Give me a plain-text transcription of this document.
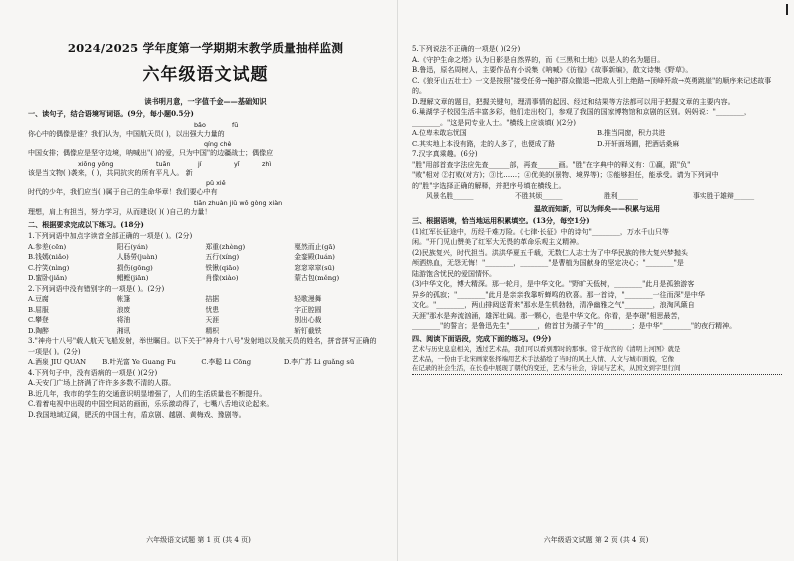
2024/2025 学年度第一学期期末教学质量抽样监测

六年级语文试题

读书明月意，一字值千金——基础知识

一、读句子，结合语境写词语。(9分，每小题0.5分)

bǎo	fū

你心中的偶像是谁？我们认为，中国航天员( )，以出强大力量的

qíng chè

中国女排；偶像应是坚守边境，呐喊出"( )的爱，只为中国"的边疆战士；偶像应

xiōng yǒng	tuān	jí	yǐ	zhì

该是当文物( )袭来，( )，共同抗灾的所有平凡人。 新

pǔ xiě

时代的少年，我们应当( )属于自己的生命华章！我们要心中有

tiān zhuàn jiǔ wǒ gòng xiàn

理想，肩上有担当，努力学习，从而建设( )( )自己的力量！

二、根据要求完成以下练习。(18分)

1.下列词语中加点字读音全部正确的一项是( )。(2分)

A.参差(cēn)	阳石(yán)	郑重(zhèng)	戛然而止(gā)
B.钱嫣(niǎo)	人肠勞(juàn)	五行(xíng)	金銮殿(luán)
C.拧笑(nìng)	损伤(gōng)	铁锹(qiāo)	窓窓窣窣(sū)
D.蜜卧(jiǎn)	鲳鲣(jiān)	肖像(xiào)	蒙古包(měng)

2.下列词语中没有错别字的一项是( )。(2分)

A.豆腐	帐篷	拮据	轻歌漫舞
B.屈服	浪废	忧患	字正腔圆
C.攀登	将油	天涯	别出心裁
D.陶醉	湘讯	精枳	斩钉截铁

3."神舟十八号"载人航天飞船发射，举世瞩目。以下关于"神舟十八号"发射地以及航天员的姓名，拼音拼写正确的一项是( )。(2分)

A.酒泉 JIU QUAN	B.叶光富 Ye Guang Fu	C.李聪 Li Cōng	D.李广苏 Li guǎng sū

4.下列句子中，没有语病的一项是( )(2分)

A.天安门广场上挤满了许许多多数不清的人群。

B.近几年，我市的学生的交通意识明显增强了，人们的生活质量也不断提升。

C.看着电视中出现的中国空间站的画面，乐乐激动得了，七嘴八舌地议论起来。

D.我国地域辽阔，肥沃的中国土有，盾京剧、越剧、黄梅戏、豫剧等。

六年级语文试题 第 1 页 (共 4 页)

5.下列说法不正确的一项是( )(2分)

A.《守护生命之塔》认为日影是自然界的，而《三黑和土地》以是人的名为题目。

B.鲁迅，原名周树人，主要作品有小说集《呐喊》《彷徨》《故事新编》，散文诗集《野草》。

C.《狼牙山五壮士》一文是按照"接受任务→掩护群众撤退→把敌人引上绝路→顶峰歼敌→英勇跳崖"的顺序来记述故事的。

D.理解文章的题目，把握关键句，理清事情的起因、经过和结果等方法都可以用于把握文章的主要内容。

6.巢湖学子校园生活丰富多彩，他们走出校门，参观了我国的国家博物馆和京剧的区别。妈妈说："________，________。"这是同专业人士。"横线上应该填( )(2分)

A.位卑未敢忘忧国	B.推当同窗，积力共进
C.其实地上本没有路，走的人多了，也便成了路	D.开轩面场圃，把酒话桑麻

7.汉字真乘趣。(6分)

"胜"用部首查字法应先查______部，再查______画。"胜"在字典中的释义有：①赢，跟"负"

"败"相对 ②打败(对方)；③比……；④优美的(景物、境界等)；⑤能够担任，能承受。请为下列词中

的"胜"字选择正确的解释，并把序号填在横线上。

风景名胜______	不胜其烦______	胜利______	事实胜于雄辩______

温故而知新，可以为师矣——积累与运用

三、根据语境，恰当地运用积累填空。(13分，每空1分)

(1)红军长征途中，历经千难万险。《七律·长征》中的诗句"________，万水千山只等

闲。"开门见山赞美了红军大无畏的革命乐观主义精神。

(2)民族复兴，时代担当。洪洪华夏五千载，无数仁人志士为了中华民族的伟大复兴梦抛头

颅洒热血，无怨无悔！"________，________"是曹植为国献身的坚定决心；"________"是

陆游饱含忧民的爱国情怀。

(3)中华文化，博大精深。那一轮月，是中华文化。"野旷天低树，________"此月是孤独游客

异乡的孤寂；"________"此月是亲亲我靠听蝉鸣的欣喜。那一首诗，"________一往而深"是中华

文化。"________，两山排闼送青来"那水是生机勃勃，清净幽雅之气"________，浪淘风簸自

天涯"那水是奔流汹涌，雄浑壮阔。那一颗心，也是中华文化。你看，是李璟"相思最苦，

________"的誓言；是鲁迅先生"________，俯首甘为孺子牛"的________；是中华"________"的夜行精神。

四、阅读下面语段，完成下面的练习。(9分)

艺术与历史息息相关，透过艺术品，我们可以看到那时的那事。常于故宫的《清明上河图》就是

艺术品，一份由于北宋画家张择端用艺术手法描绘了当时的风土人情、人文与城市面貌，它像

在记录的社会生活，在长卷中展现了朝代的变迁，艺术与社会，诗词与艺术，从国文到字里行间

六年级语文试题 第 2 页 (共 4 页)
